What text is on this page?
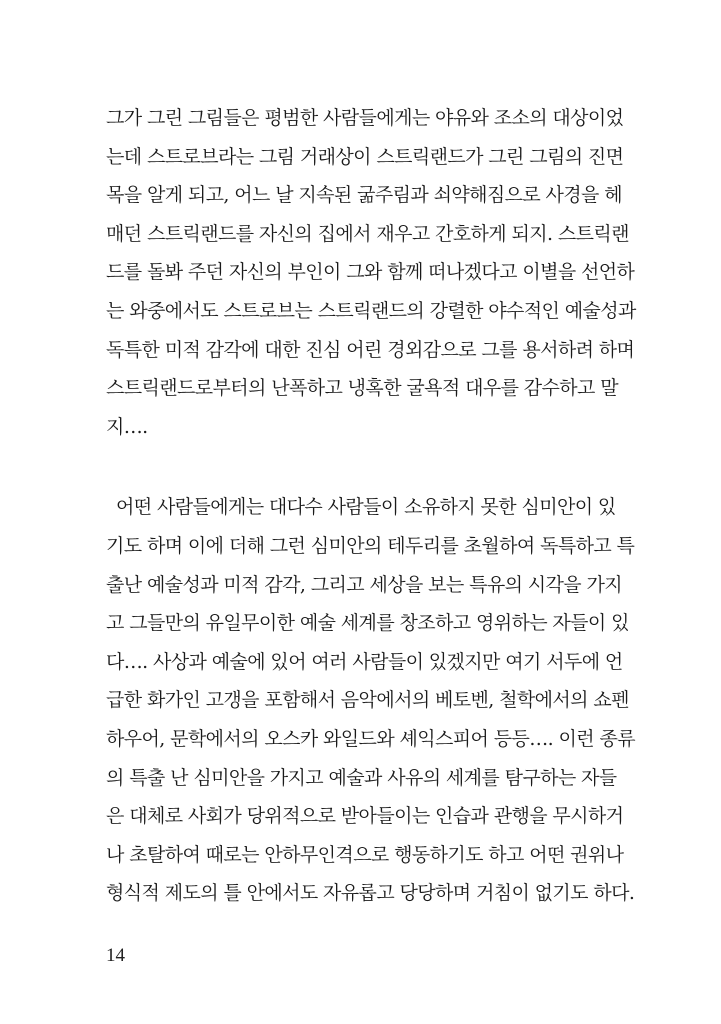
그가 그린 그림들은 평범한 사람들에게는 야유와 조소의 대상이었
는데 스트로브라는 그림 거래상이 스트릭랜드가 그린 그림의 진면
목을 알게 되고, 어느 날 지속된 굶주림과 쇠약해짐으로 사경을 헤
매던 스트릭랜드를 자신의 집에서 재우고 간호하게 되지. 스트릭랜
드를 돌봐 주던 자신의 부인이 그와 함께 떠나겠다고 이별을 선언하
는 와중에서도 스트로브는 스트릭랜드의 강렬한 야수적인 예술성과
독특한 미적 감각에 대한 진심 어린 경외감으로 그를 용서하려 하며
스트릭랜드로부터의 난폭하고 냉혹한 굴욕적 대우를 감수하고 말
지….
어떤 사람들에게는 대다수 사람들이 소유하지 못한 심미안이 있
기도 하며 이에 더해 그런 심미안의 테두리를 초월하여 독특하고 특
출난 예술성과 미적 감각, 그리고 세상을 보는 특유의 시각을 가지
고 그들만의 유일무이한 예술 세계를 창조하고 영위하는 자들이 있
다…. 사상과 예술에 있어 여러 사람들이 있겠지만 여기 서두에 언
급한 화가인 고갱을 포함해서 음악에서의 베토벤, 철학에서의 쇼펜
하우어, 문학에서의 오스카 와일드와 셰익스피어 등등…. 이런 종류
의 특출 난 심미안을 가지고 예술과 사유의 세계를 탐구하는 자들
은 대체로 사회가 당위적으로 받아들이는 인습과 관행을 무시하거
나 초탈하여 때로는 안하무인격으로 행동하기도 하고 어떤 권위나
형식적 제도의 틀 안에서도 자유롭고 당당하며 거침이 없기도 하다.
14
